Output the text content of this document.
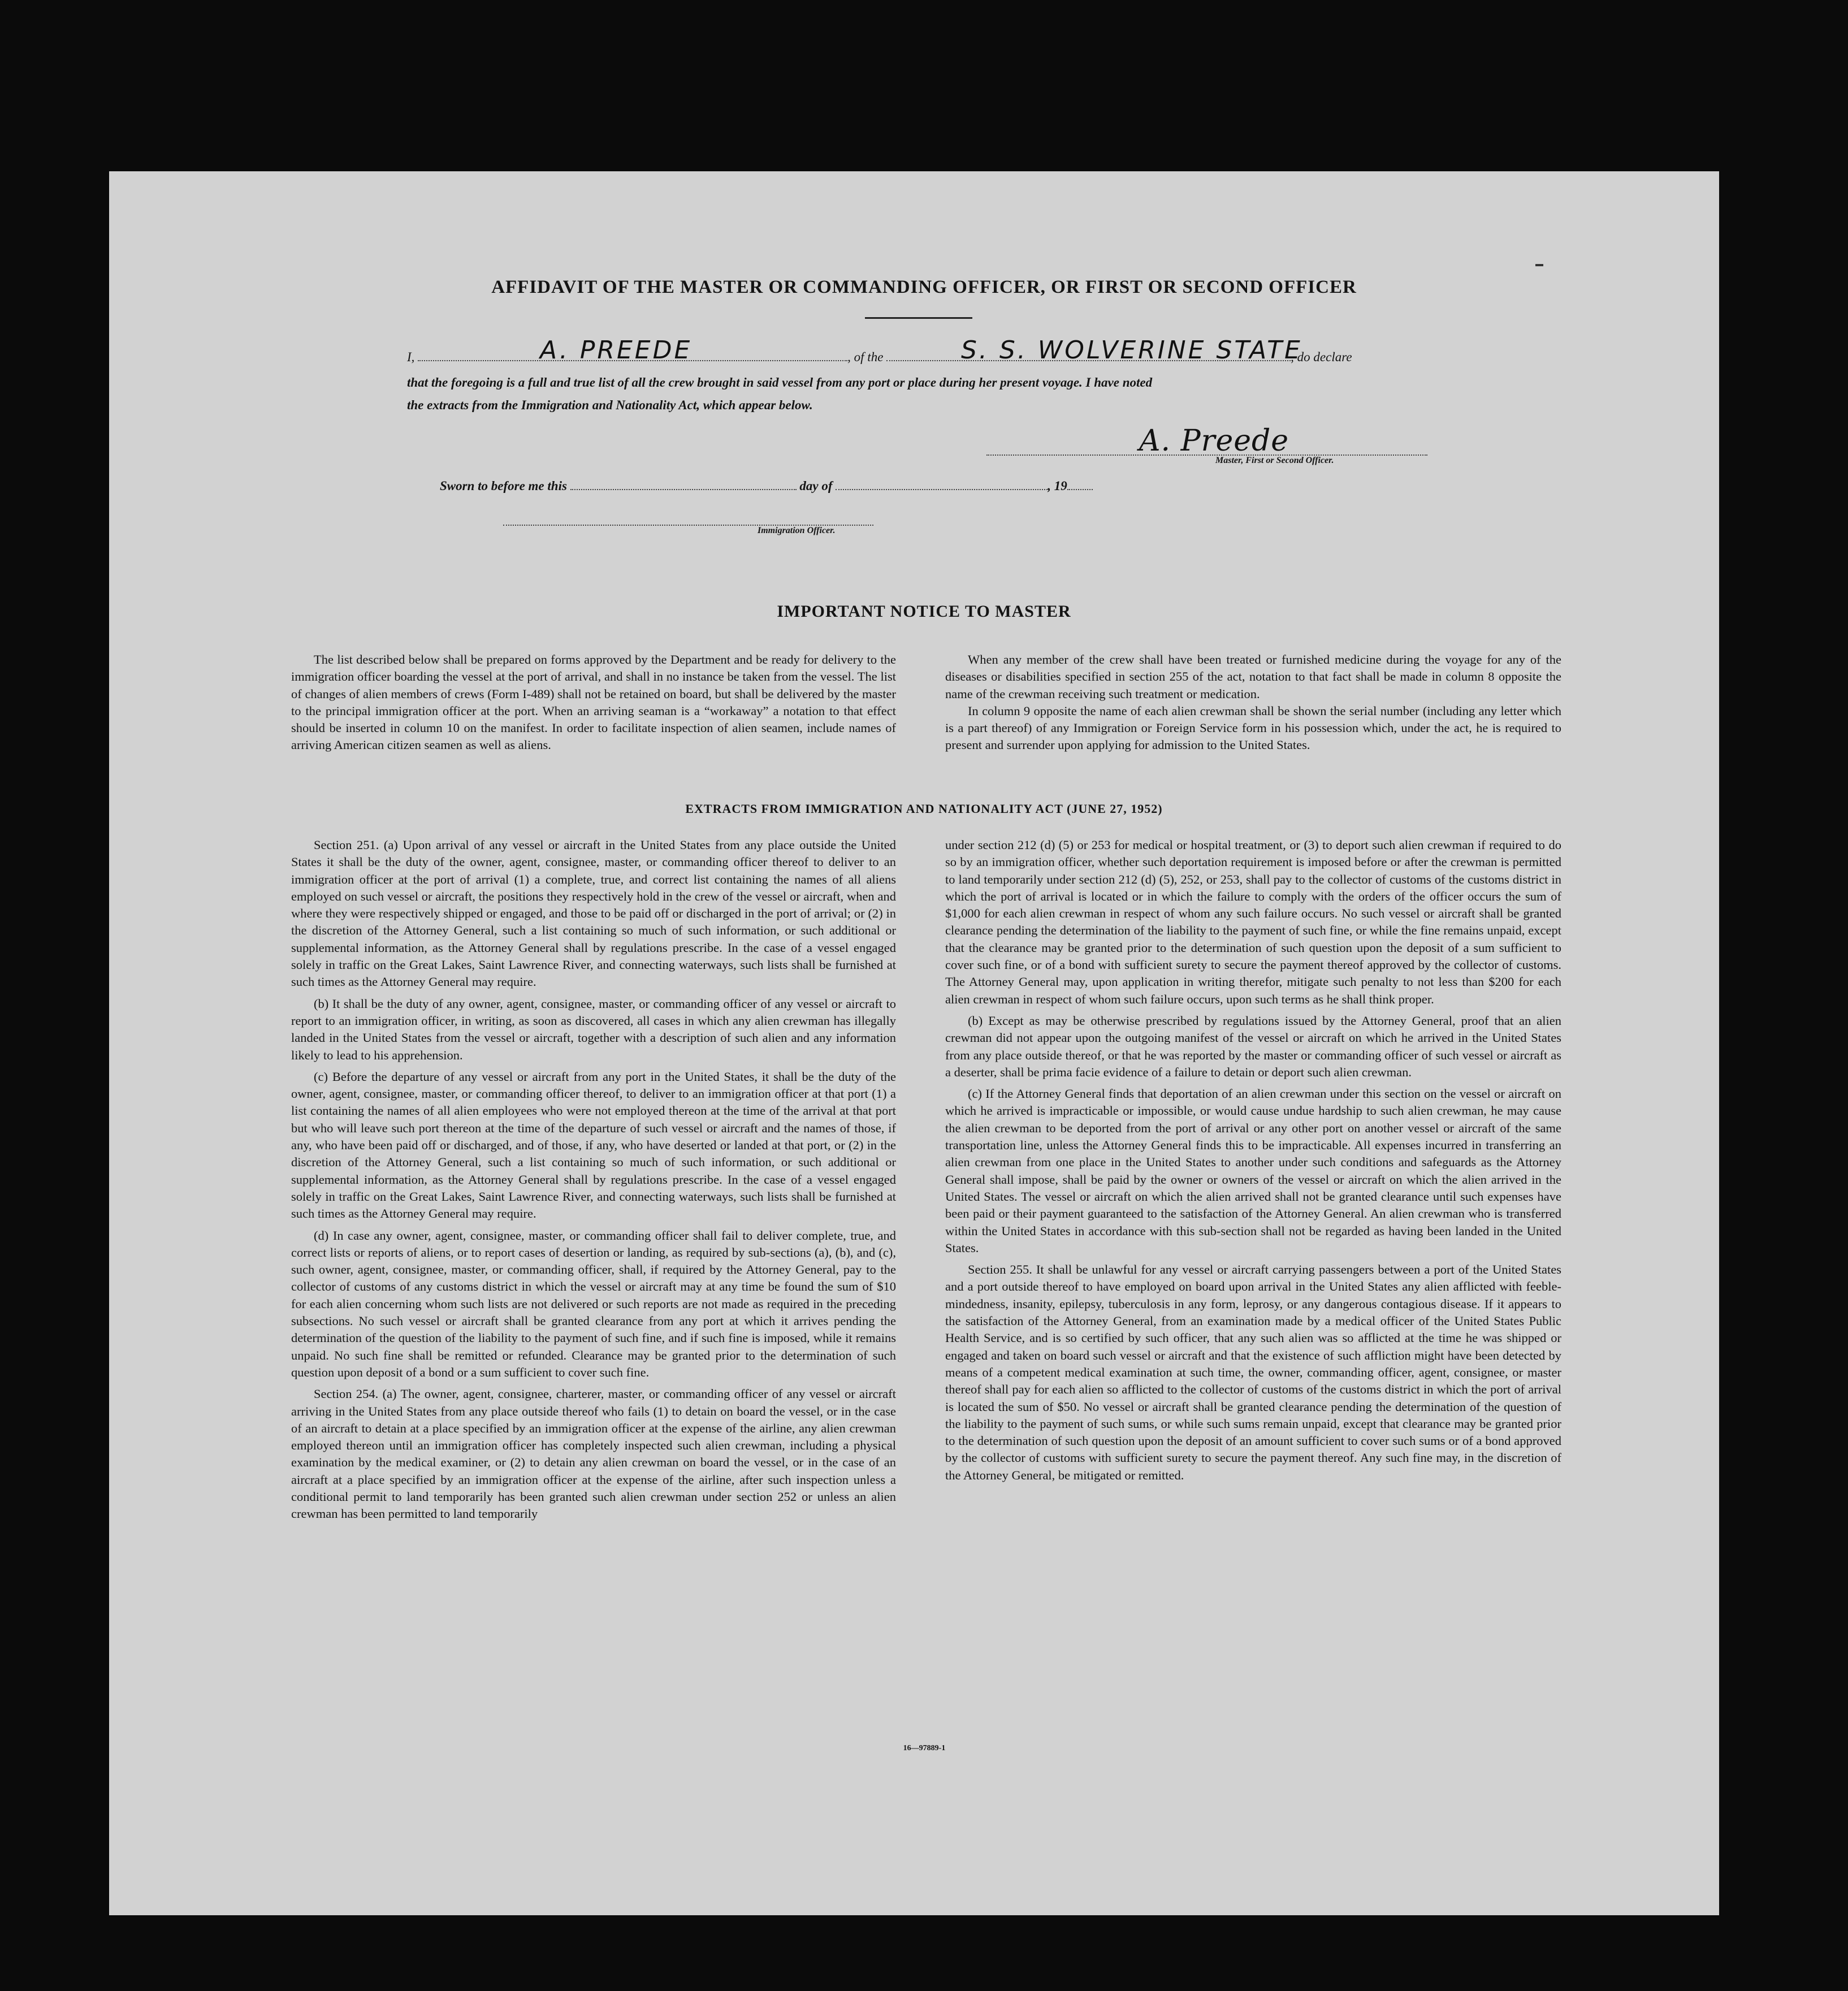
AFFIDAVIT OF THE MASTER OR COMMANDING OFFICER, OR FIRST OR SECOND OFFICER
I,	, of the	, do declare
A. PREEDE	S. S. WOLVERINE STATE
that the foregoing is a full and true list of all the crew brought in said vessel from any port or place during her present voyage. I have noted
the extracts from the Immigration and Nationality Act, which appear below.
A. Preede
Master, First or Second Officer.
Sworn to before me this	day of	, 19
Immigration Officer.
IMPORTANT NOTICE TO MASTER

The list described below shall be prepared on forms approved by the Department and be ready for delivery to the immigration officer boarding the vessel at the port of arrival, and shall in no instance be taken from the vessel. The list of changes of alien members of crews (Form I-489) shall not be retained on board, but shall be delivered by the master to the principal immigration officer at the port. When an arriving seaman is a “workaway” a notation to that effect should be inserted in column 10 on the manifest. In order to facilitate inspection of alien seamen, include names of arriving American citizen seamen as well as aliens.

When any member of the crew shall have been treated or furnished medicine during the voyage for any of the diseases or disabilities specified in section 255 of the act, notation to that fact shall be made in column 8 opposite the name of the crewman receiving such treatment or medication.

In column 9 opposite the name of each alien crewman shall be shown the serial number (including any letter which is a part thereof) of any Immigration or Foreign Service form in his possession which, under the act, he is required to present and surrender upon applying for admission to the United States.

EXTRACTS FROM IMMIGRATION AND NATIONALITY ACT (JUNE 27, 1952)

Section 251. (a) Upon arrival of any vessel or aircraft in the United States from any place outside the United States it shall be the duty of the owner, agent, consignee, master, or commanding officer thereof to deliver to an immigration officer at the port of arrival (1) a complete, true, and correct list containing the names of all aliens employed on such vessel or aircraft, the positions they respectively hold in the crew of the vessel or aircraft, when and where they were respectively shipped or engaged, and those to be paid off or discharged in the port of arrival; or (2) in the discretion of the Attorney General, such a list containing so much of such information, or such additional or supplemental information, as the Attorney General shall by regulations prescribe. In the case of a vessel engaged solely in traffic on the Great Lakes, Saint Lawrence River, and connecting waterways, such lists shall be furnished at such times as the Attorney General may require.

(b) It shall be the duty of any owner, agent, consignee, master, or commanding officer of any vessel or aircraft to report to an immigration officer, in writing, as soon as discovered, all cases in which any alien crewman has illegally landed in the United States from the vessel or aircraft, together with a description of such alien and any information likely to lead to his apprehension.

(c) Before the departure of any vessel or aircraft from any port in the United States, it shall be the duty of the owner, agent, consignee, master, or commanding officer thereof, to deliver to an immigration officer at that port (1) a list containing the names of all alien employees who were not employed thereon at the time of the arrival at that port but who will leave such port thereon at the time of the departure of such vessel or aircraft and the names of those, if any, who have been paid off or discharged, and of those, if any, who have deserted or landed at that port, or (2) in the discretion of the Attorney General, such a list containing so much of such information, or such additional or supplemental information, as the Attorney General shall by regulations prescribe. In the case of a vessel engaged solely in traffic on the Great Lakes, Saint Lawrence River, and connecting waterways, such lists shall be furnished at such times as the Attorney General may require.

(d) In case any owner, agent, consignee, master, or commanding officer shall fail to deliver complete, true, and correct lists or reports of aliens, or to report cases of desertion or landing, as required by sub-sections (a), (b), and (c), such owner, agent, consignee, master, or commanding officer, shall, if required by the Attorney General, pay to the collector of customs of any customs district in which the vessel or aircraft may at any time be found the sum of $10 for each alien concerning whom such lists are not delivered or such reports are not made as required in the preceding subsections. No such vessel or aircraft shall be granted clearance from any port at which it arrives pending the determination of the question of the liability to the payment of such fine, and if such fine is imposed, while it remains unpaid. No such fine shall be remitted or refunded. Clearance may be granted prior to the determination of such question upon deposit of a bond or a sum sufficient to cover such fine.

Section 254. (a) The owner, agent, consignee, charterer, master, or commanding officer of any vessel or aircraft arriving in the United States from any place outside thereof who fails (1) to detain on board the vessel, or in the case of an aircraft to detain at a place specified by an immigration officer at the expense of the airline, any alien crewman employed thereon until an immigration officer has completely inspected such alien crewman, including a physical examination by the medical examiner, or (2) to detain any alien crewman on board the vessel, or in the case of an aircraft at a place specified by an immigration officer at the expense of the airline, after such inspection unless a conditional permit to land temporarily has been granted such alien crewman under section 252 or unless an alien crewman has been permitted to land temporarily

under section 212 (d) (5) or 253 for medical or hospital treatment, or (3) to deport such alien crewman if required to do so by an immigration officer, whether such deportation requirement is imposed before or after the crewman is permitted to land temporarily under section 212 (d) (5), 252, or 253, shall pay to the collector of customs of the customs district in which the port of arrival is located or in which the failure to comply with the orders of the officer occurs the sum of $1,000 for each alien crewman in respect of whom any such failure occurs. No such vessel or aircraft shall be granted clearance pending the determination of the liability to the payment of such fine, or while the fine remains unpaid, except that the clearance may be granted prior to the determination of such question upon the deposit of a sum sufficient to cover such fine, or of a bond with sufficient surety to secure the payment thereof approved by the collector of customs. The Attorney General may, upon application in writing therefor, mitigate such penalty to not less than $200 for each alien crewman in respect of whom such failure occurs, upon such terms as he shall think proper.

(b) Except as may be otherwise prescribed by regulations issued by the Attorney General, proof that an alien crewman did not appear upon the outgoing manifest of the vessel or aircraft on which he arrived in the United States from any place outside thereof, or that he was reported by the master or commanding officer of such vessel or aircraft as a deserter, shall be prima facie evidence of a failure to detain or deport such alien crewman.

(c) If the Attorney General finds that deportation of an alien crewman under this section on the vessel or aircraft on which he arrived is impracticable or impossible, or would cause undue hardship to such alien crewman, he may cause the alien crewman to be deported from the port of arrival or any other port on another vessel or aircraft of the same transportation line, unless the Attorney General finds this to be impracticable. All expenses incurred in transferring an alien crewman from one place in the United States to another under such conditions and safeguards as the Attorney General shall impose, shall be paid by the owner or owners of the vessel or aircraft on which the alien arrived in the United States. The vessel or aircraft on which the alien arrived shall not be granted clearance until such expenses have been paid or their payment guaranteed to the satisfaction of the Attorney General. An alien crewman who is transferred within the United States in accordance with this sub-section shall not be regarded as having been landed in the United States.

Section 255. It shall be unlawful for any vessel or aircraft carrying passengers between a port of the United States and a port outside thereof to have employed on board upon arrival in the United States any alien afflicted with feeble-mindedness, insanity, epilepsy, tuberculosis in any form, leprosy, or any dangerous contagious disease. If it appears to the satisfaction of the Attorney General, from an examination made by a medical officer of the United States Public Health Service, and is so certified by such officer, that any such alien was so afflicted at the time he was shipped or engaged and taken on board such vessel or aircraft and that the existence of such affliction might have been detected by means of a competent medical examination at such time, the owner, commanding officer, agent, consignee, or master thereof shall pay for each alien so afflicted to the collector of customs of the customs district in which the port of arrival is located the sum of $50. No vessel or aircraft shall be granted clearance pending the determination of the question of the liability to the payment of such sums, or while such sums remain unpaid, except that clearance may be granted prior to the determination of such question upon the deposit of an amount sufficient to cover such sums or of a bond approved by the collector of customs with sufficient surety to secure the payment thereof. Any such fine may, in the discretion of the Attorney General, be mitigated or remitted.

16—97889-1
